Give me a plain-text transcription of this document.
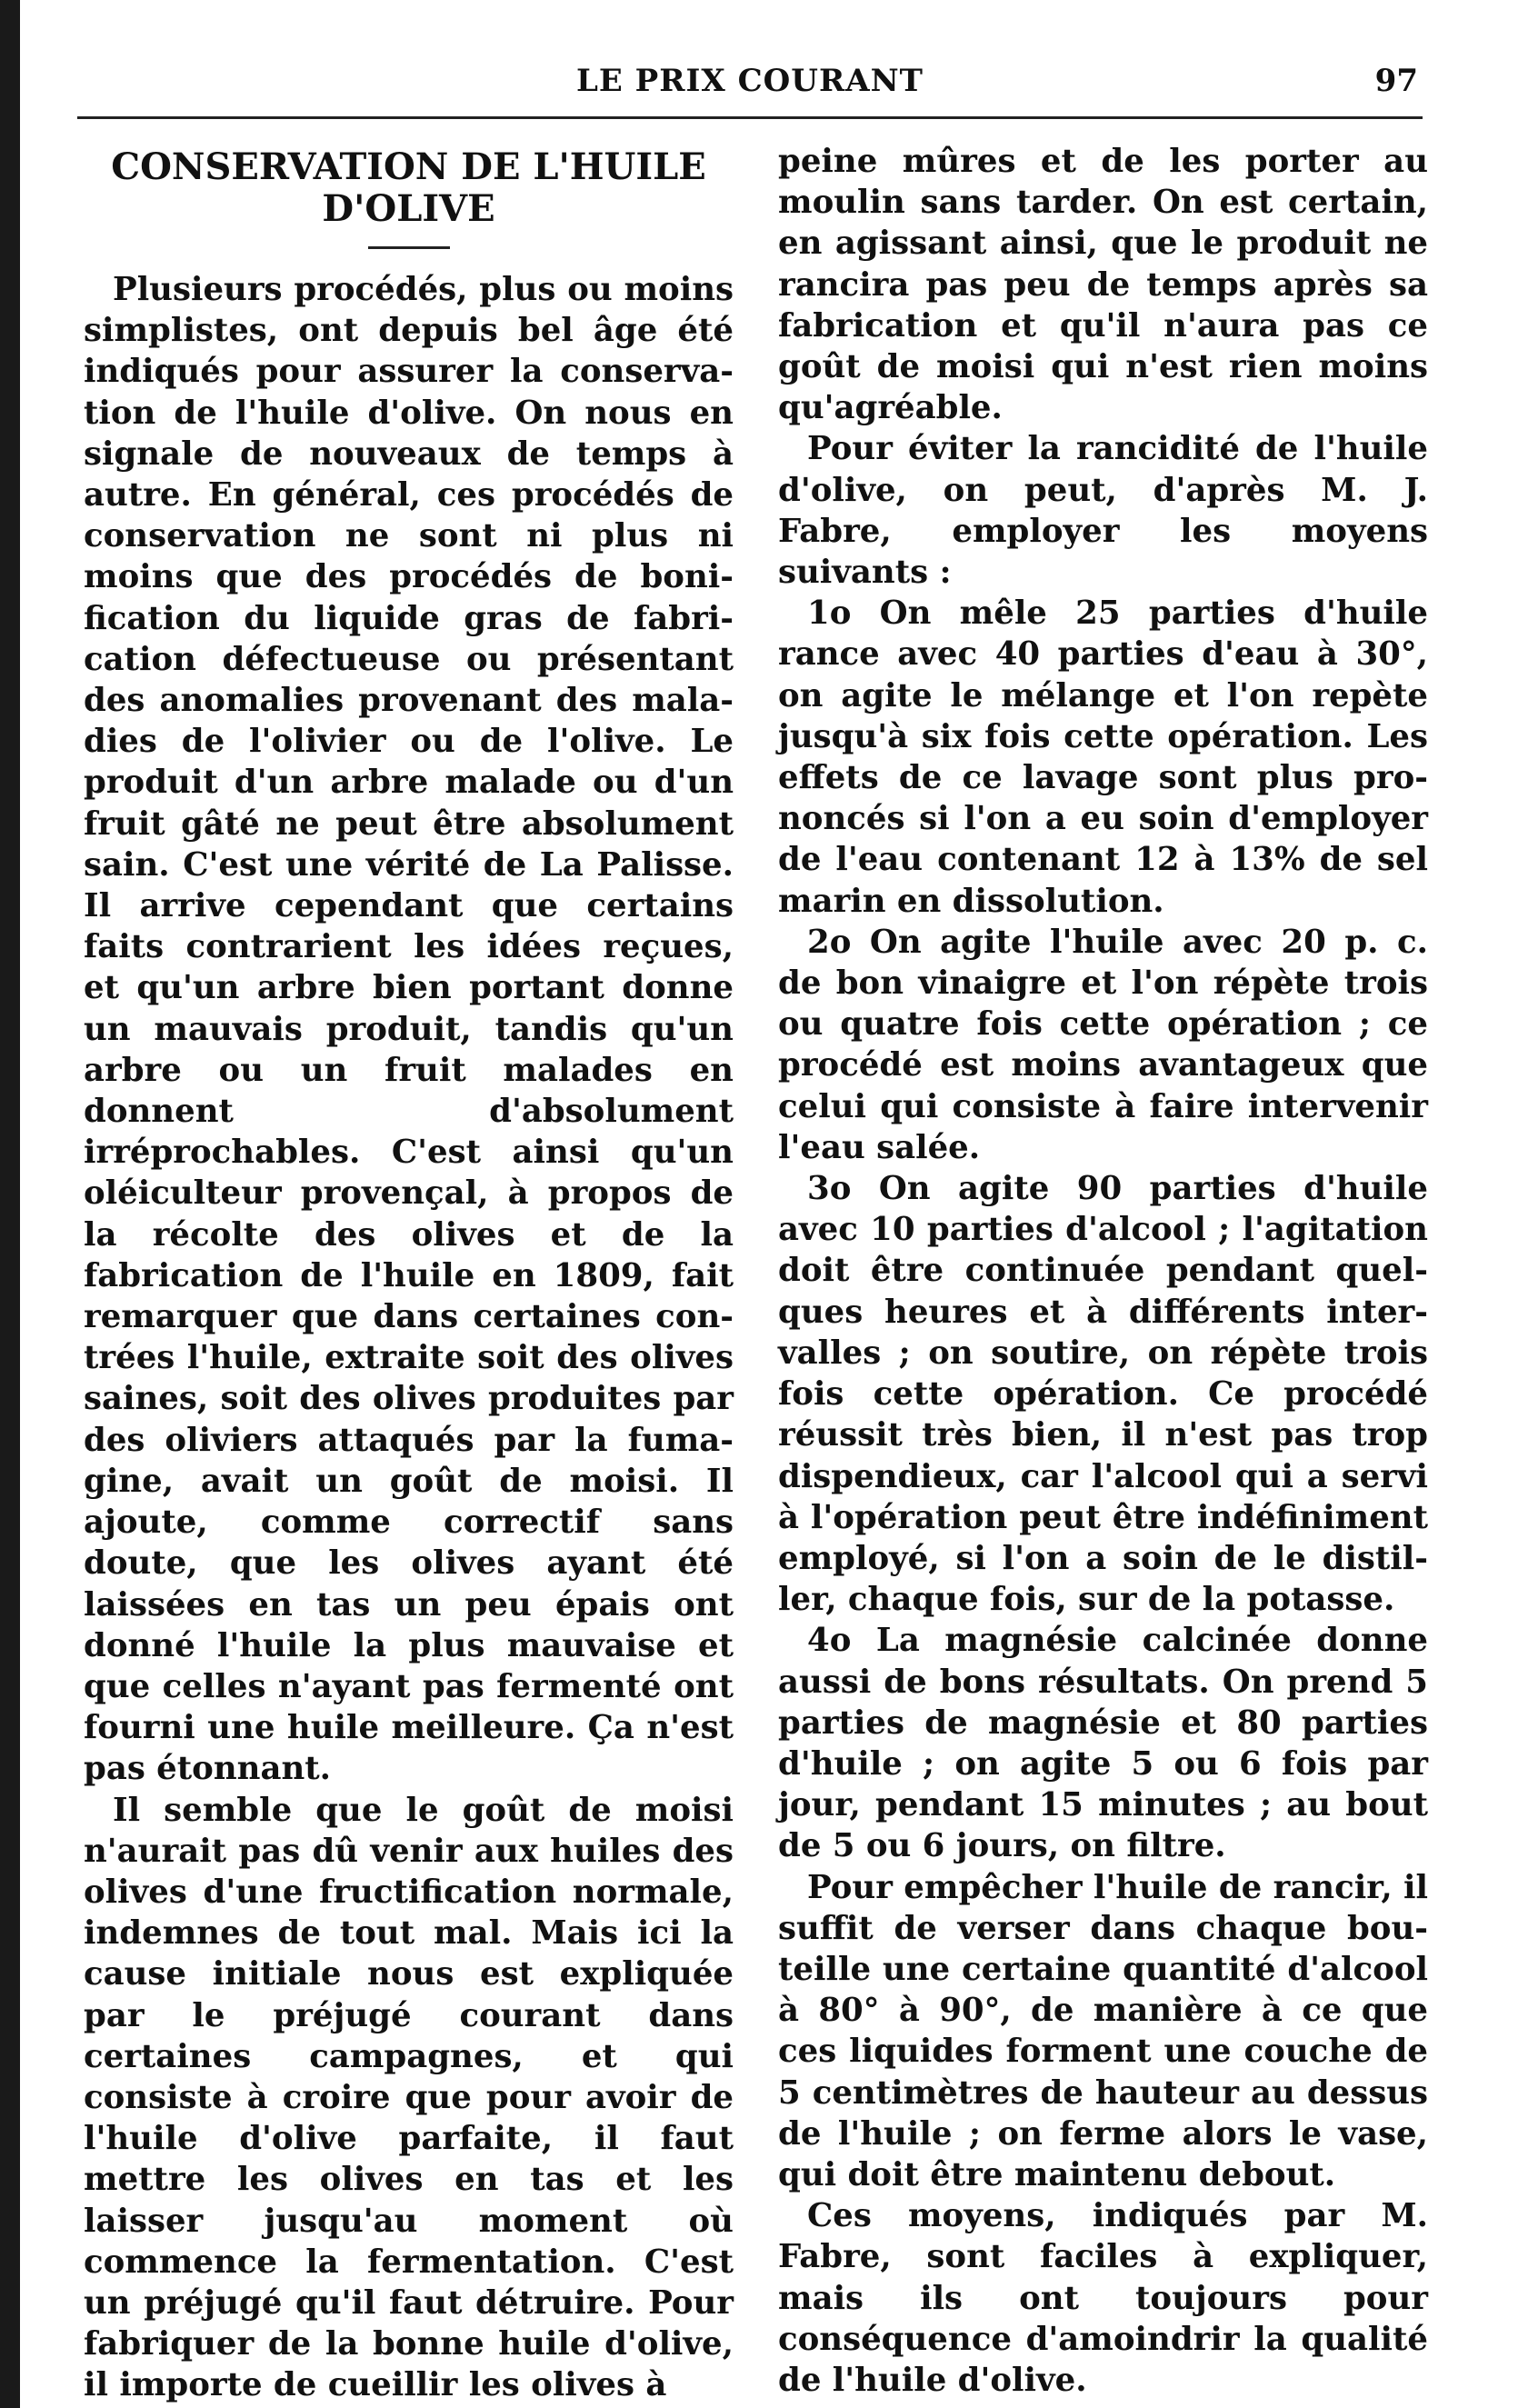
LE PRIX COURANT	97
CONSERVATION DE L'HUILE D'OLIVE

Plusieurs procédés, plus ou moins simplistes, ont depuis bel âge été indiqués pour assurer la conservation de l'huile d'olive. On nous en signale de nouveaux de temps à autre. En général, ces procédés de conservation ne sont ni plus ni moins que des procédés de bonification du liquide gras de fabrication défectueuse ou présentant des anomalies provenant des maladies de l'olivier ou de l'olive. Le produit d'un arbre malade ou d'un fruit gâté ne peut être absolument sain. C'est une vérité de La Palisse. Il arrive cependant que certains faits contrarient les idées reçues, et qu'un arbre bien portant donne un mauvais produit, tandis qu'un arbre ou un fruit malades en donnent d'absolument irréprochables. C'est ainsi qu'un oléiculteur provençal, à propos de la récolte des olives et de la fabrication de l'huile en 1809, fait remarquer que dans certaines contrées l'huile, extraite soit des olives saines, soit des olives produites par des oliviers attaqués par la fumagine, avait un goût de moisi. Il ajoute, comme correctif sans doute, que les olives ayant été laissées en tas un peu épais ont donné l'huile la plus mauvaise et que celles n'ayant pas fermenté ont fourni une huile meilleure. Ça n'est pas étonnant.

Il semble que le goût de moisi n'aurait pas dû venir aux huiles des olives d'une fructification normale, indemnes de tout mal. Mais ici la cause initiale nous est expliquée par le préjugé courant dans certaines campagnes, et qui consiste à croire que pour avoir de l'huile d'olive parfaite, il faut mettre les olives en tas et les laisser jusqu'au moment où commence la fermentation. C'est un préjugé qu'il faut détruire. Pour fabriquer de la bonne huile d'olive, il importe de cueillir les olives à

peine mûres et de les porter au moulin sans tarder. On est certain, en agissant ainsi, que le produit ne rancira pas peu de temps après sa fabrication et qu'il n'aura pas ce goût de moisi qui n'est rien moins qu'agréable.

Pour éviter la rancidité de l'huile d'olive, on peut, d'après M. J. Fabre, employer les moyens suivants :

1o On mêle 25 parties d'huile rance avec 40 parties d'eau à 30°, on agite le mélange et l'on repète jusqu'à six fois cette opération. Les effets de ce lavage sont plus prononcés si l'on a eu soin d'employer de l'eau contenant 12 à 13% de sel marin en dissolution.

2o On agite l'huile avec 20 p. c. de bon vinaigre et l'on répète trois ou quatre fois cette opération ; ce procédé est moins avantageux que celui qui consiste à faire intervenir l'eau salée.

3o On agite 90 parties d'huile avec 10 parties d'alcool ; l'agitation doit être continuée pendant quelques heures et à différents intervalles ; on soutire, on répète trois fois cette opération. Ce procédé réussit très bien, il n'est pas trop dispendieux, car l'alcool qui a servi à l'opération peut être indéfiniment employé, si l'on a soin de le distiller, chaque fois, sur de la potasse.

4o La magnésie calcinée donne aussi de bons résultats. On prend 5 parties de magnésie et 80 parties d'huile ; on agite 5 ou 6 fois par jour, pendant 15 minutes ; au bout de 5 ou 6 jours, on filtre.

Pour empêcher l'huile de rancir, il suffit de verser dans chaque bouteille une certaine quantité d'alcool à 80° à 90°, de manière à ce que ces liquides forment une couche de 5 centimètres de hauteur au dessus de l'huile ; on ferme alors le vase, qui doit être maintenu debout.

Ces moyens, indiqués par M. Fabre, sont faciles à expliquer, mais ils ont toujours pour conséquence d'amoindrir la qualité de l'huile d'olive.
